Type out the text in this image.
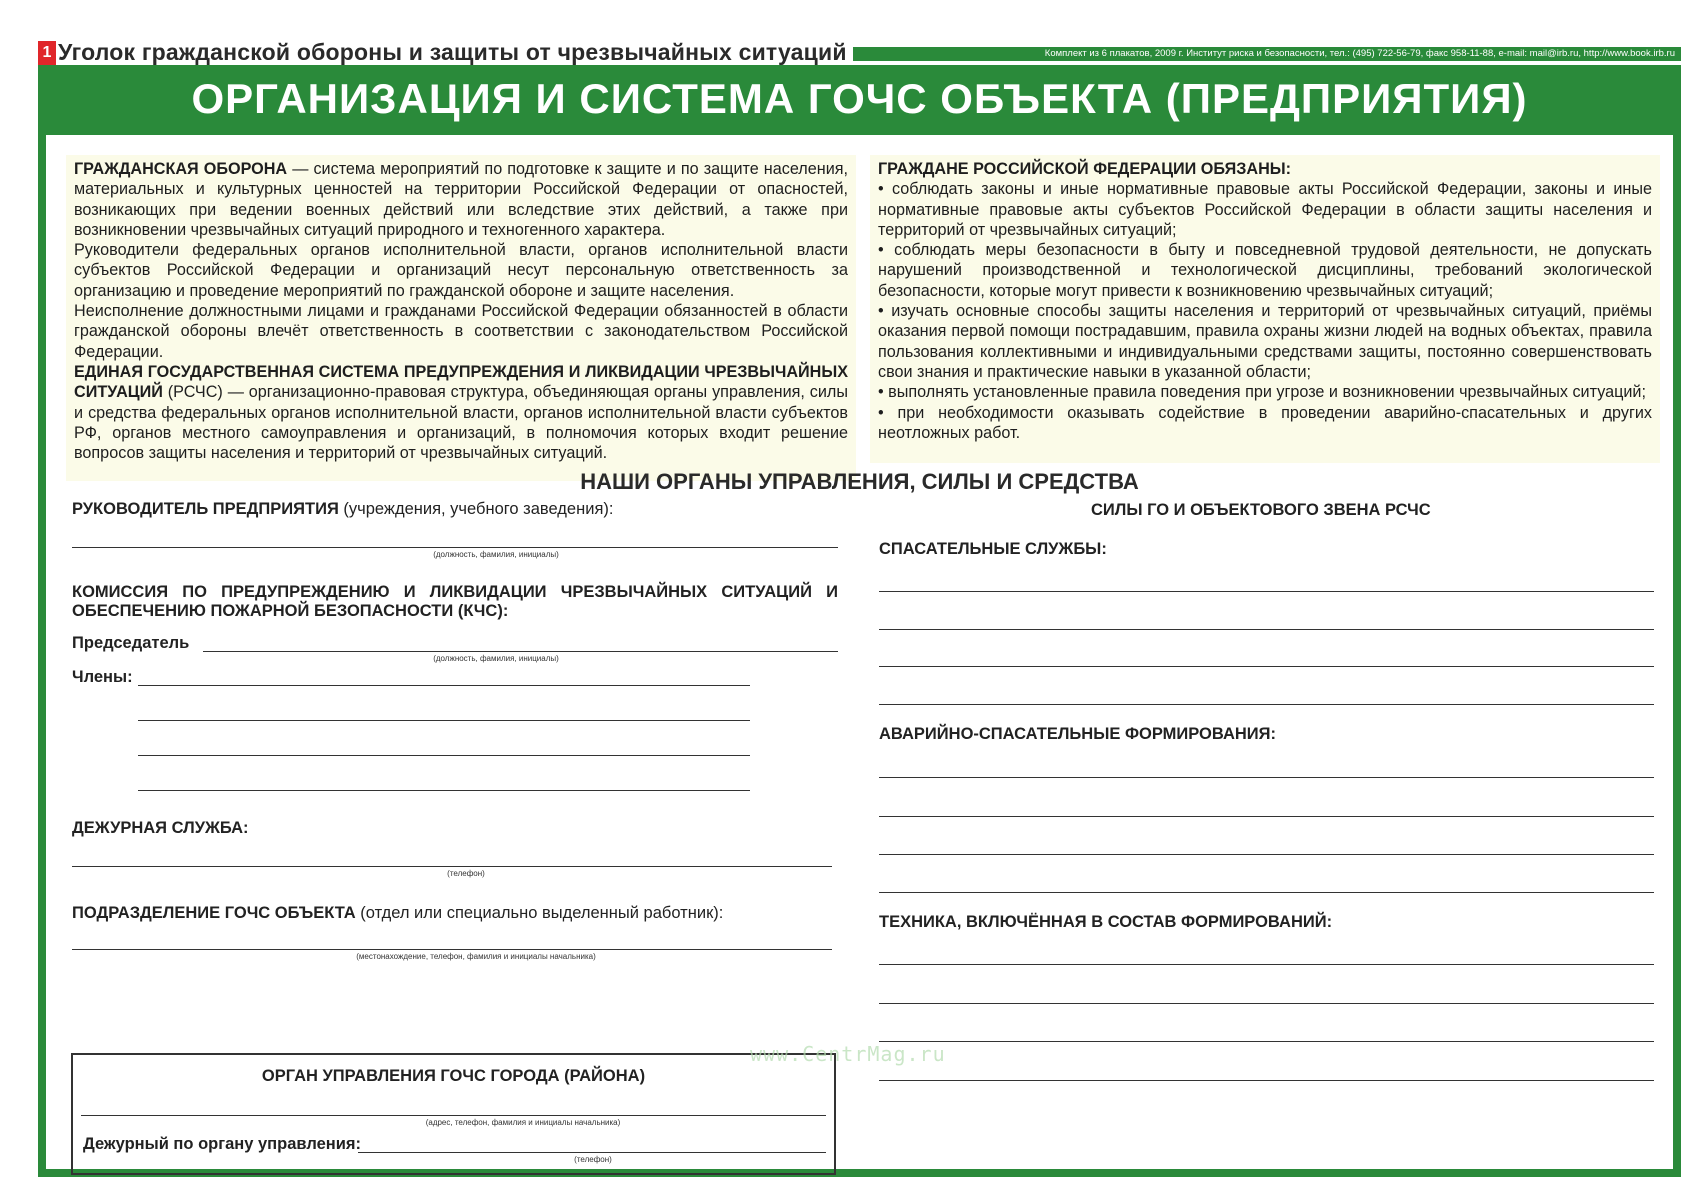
1 Уголок гражданской обороны и защиты от чрезвычайных ситуаций	Комплект из 6 плакатов, 2009 г. Институт риска и безопасности, тел.: (495) 722-56-79, факс 958-11-88, e-mail: mail@irb.ru, http://www.book.irb.ru
ОРГАНИЗАЦИЯ И СИСТЕМА ГОЧС ОБЪЕКТА (ПРЕДПРИЯТИЯ)

ГРАЖДАНСКАЯ ОБОРОНА — система мероприятий по подготовке к защите и по защите населения, материальных и культурных ценностей на территории Российской Федерации от опасностей, возникающих при ведении военных действий или вследствие этих действий, а также при возникновении чрезвычайных ситуаций природного и техногенного характера.

Руководители федеральных органов исполнительной власти, органов исполнительной власти субъектов Российской Федерации и организаций несут персональную ответственность за организацию и проведение мероприятий по гражданской обороне и защите населения.

Неисполнение должностными лицами и гражданами Российской Федерации обязанностей в области гражданской обороны влечёт ответственность в соответствии с законодательством Российской Федерации.

ЕДИНАЯ ГОСУДАРСТВЕННАЯ СИСТЕМА ПРЕДУПРЕЖДЕНИЯ И ЛИКВИДАЦИИ ЧРЕЗВЫЧАЙНЫХ СИТУАЦИЙ (РСЧС) — организационно-правовая структура, объединяющая органы управления, силы и средства федеральных органов исполнительной власти, органов исполнительной власти субъектов РФ, органов местного самоуправления и организаций, в полномочия которых входит решение вопросов защиты населения и территорий от чрезвычайных ситуаций.

ГРАЖДАНЕ РОССИЙСКОЙ ФЕДЕРАЦИИ ОБЯЗАНЫ:

• соблюдать законы и иные нормативные правовые акты Российской Федерации, законы и иные нормативные правовые акты субъектов Российской Федерации в области защиты населения и территорий от чрезвычайных ситуаций;

• соблюдать меры безопасности в быту и повседневной трудовой деятельности, не допускать нарушений производственной и технологической дисциплины, требований экологической безопасности, которые могут привести к возникновению чрезвычайных ситуаций;

• изучать основные способы защиты населения и территорий от чрезвычайных ситуаций, приёмы оказания первой помощи пострадавшим, правила охраны жизни людей на водных объектах, правила пользования коллективными и индивидуальными средствами защиты, постоянно совершенствовать свои знания и практические навыки в указанной области;

• выполнять установленные правила поведения при угрозе и возникновении чрезвычайных ситуаций;

• при необходимости оказывать содействие в проведении аварийно-спасательных и других неотложных работ.

НАШИ ОРГАНЫ УПРАВЛЕНИЯ, СИЛЫ И СРЕДСТВА
РУКОВОДИТЕЛЬ ПРЕДПРИЯТИЯ (учреждения, учебного заведения):
(должность, фамилия, инициалы)
КОМИССИЯ ПО ПРЕДУПРЕЖДЕНИЮ И ЛИКВИДАЦИИ ЧРЕЗВЫЧАЙНЫХ СИТУАЦИЙ И ОБЕСПЕЧЕНИЮ ПОЖАРНОЙ БЕЗОПАСНОСТИ (КЧС):
Председатель
(должность, фамилия, инициалы)
Члены:
ДЕЖУРНАЯ СЛУЖБА:
(телефон)
ПОДРАЗДЕЛЕНИЕ ГОЧС ОБЪЕКТА (отдел или специально выделенный работник):
(местонахождение, телефон, фамилия и инициалы начальника)
ОРГАН УПРАВЛЕНИЯ ГОЧС ГОРОДА (РАЙОНА)
(адрес, телефон, фамилия и инициалы начальника)
Дежурный по органу управления:
(телефон)
СИЛЫ ГО И ОБЪЕКТОВОГО ЗВЕНА РСЧС
СПАСАТЕЛЬНЫЕ СЛУЖБЫ:
АВАРИЙНО-СПАСАТЕЛЬНЫЕ ФОРМИРОВАНИЯ:
ТЕХНИКА, ВКЛЮЧЁННАЯ В СОСТАВ ФОРМИРОВАНИЙ:
www.CentrMag.ru
